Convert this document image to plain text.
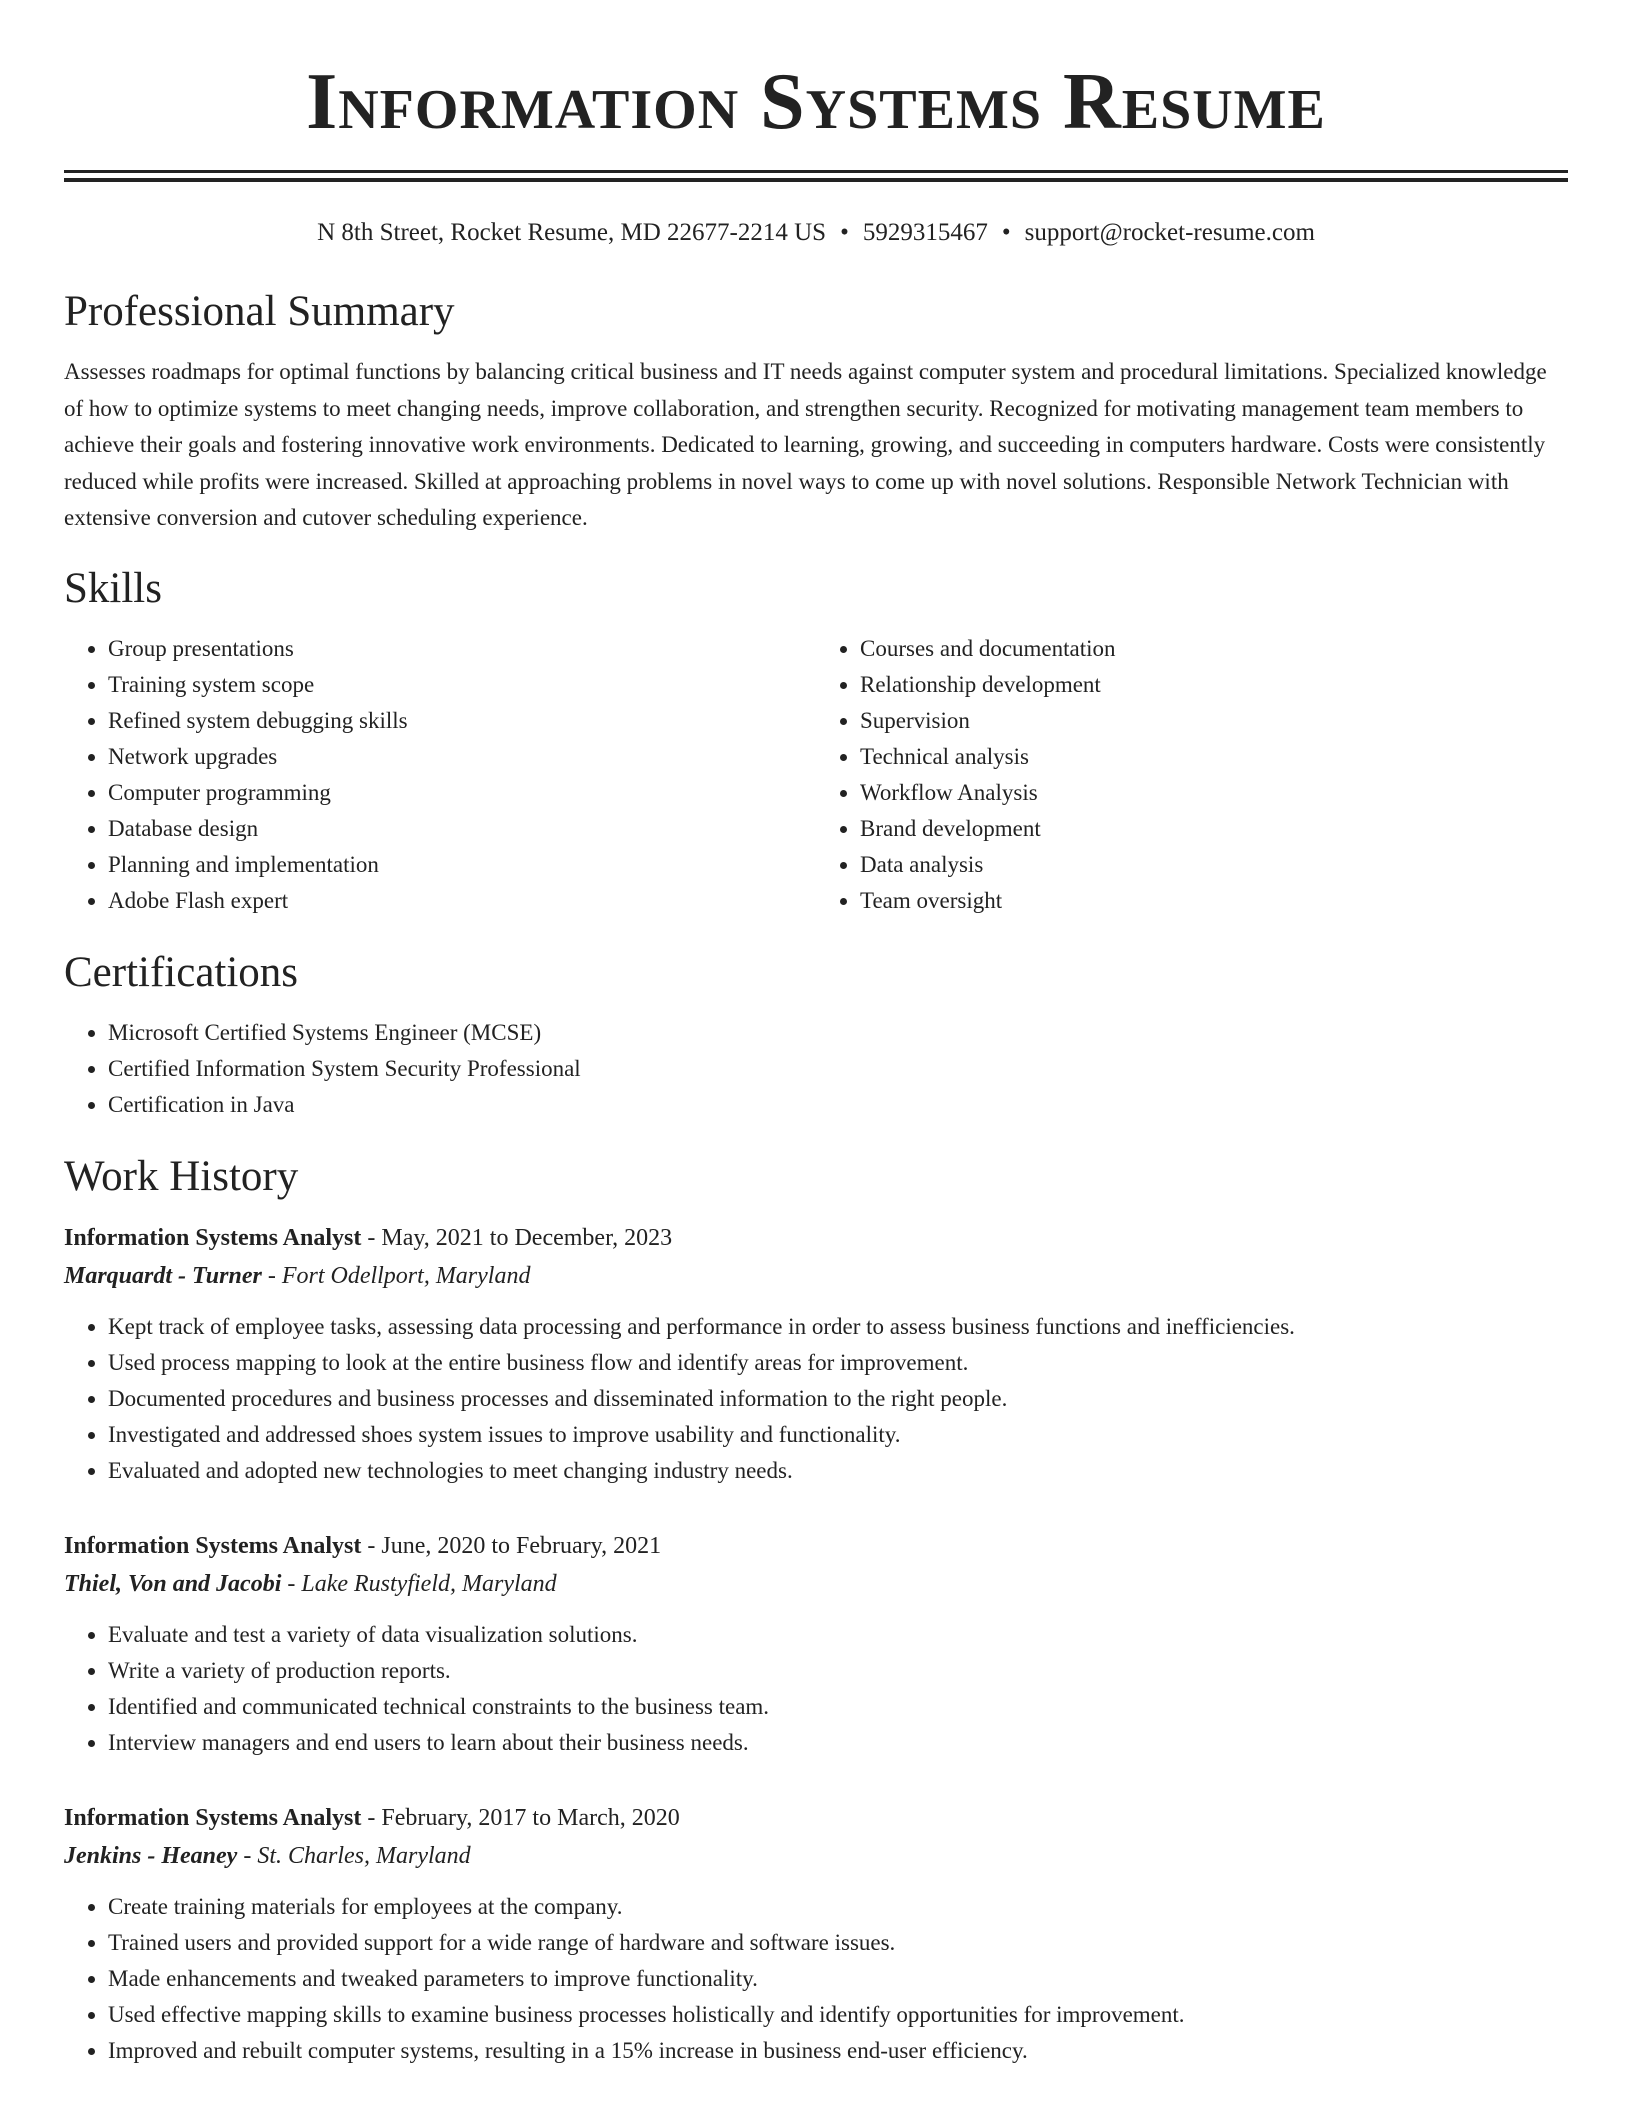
Information Systems Resume
N 8th Street, Rocket Resume, MD 22677-2214 US • 5929315467 • support@rocket-resume.com
Professional Summary
Assesses roadmaps for optimal functions by balancing critical business and IT needs against computer system and procedural limitations. Specialized knowledge of how to optimize systems to meet changing needs, improve collaboration, and strengthen security. Recognized for motivating management team members to achieve their goals and fostering innovative work environments. Dedicated to learning, growing, and succeeding in computers hardware. Costs were consistently reduced while profits were increased. Skilled at approaching problems in novel ways to come up with novel solutions. Responsible Network Technician with extensive conversion and cutover scheduling experience.
Skills
• Group presentations
• Training system scope
• Refined system debugging skills
• Network upgrades
• Computer programming
• Database design
• Planning and implementation
• Adobe Flash expert
• Courses and documentation
• Relationship development
• Supervision
• Technical analysis
• Workflow Analysis
• Brand development
• Data analysis
• Team oversight
Certifications
• Microsoft Certified Systems Engineer (MCSE)
• Certified Information System Security Professional
• Certification in Java
Work History
Information Systems Analyst - May, 2021 to December, 2023
Marquardt - Turner - Fort Odellport, Maryland
• Kept track of employee tasks, assessing data processing and performance in order to assess business functions and inefficiencies.
• Used process mapping to look at the entire business flow and identify areas for improvement.
• Documented procedures and business processes and disseminated information to the right people.
• Investigated and addressed shoes system issues to improve usability and functionality.
• Evaluated and adopted new technologies to meet changing industry needs.
Information Systems Analyst - June, 2020 to February, 2021
Thiel, Von and Jacobi - Lake Rustyfield, Maryland
• Evaluate and test a variety of data visualization solutions.
• Write a variety of production reports.
• Identified and communicated technical constraints to the business team.
• Interview managers and end users to learn about their business needs.
Information Systems Analyst - February, 2017 to March, 2020
Jenkins - Heaney - St. Charles, Maryland
• Create training materials for employees at the company.
• Trained users and provided support for a wide range of hardware and software issues.
• Made enhancements and tweaked parameters to improve functionality.
• Used effective mapping skills to examine business processes holistically and identify opportunities for improvement.
• Improved and rebuilt computer systems, resulting in a 15% increase in business end-user efficiency.
